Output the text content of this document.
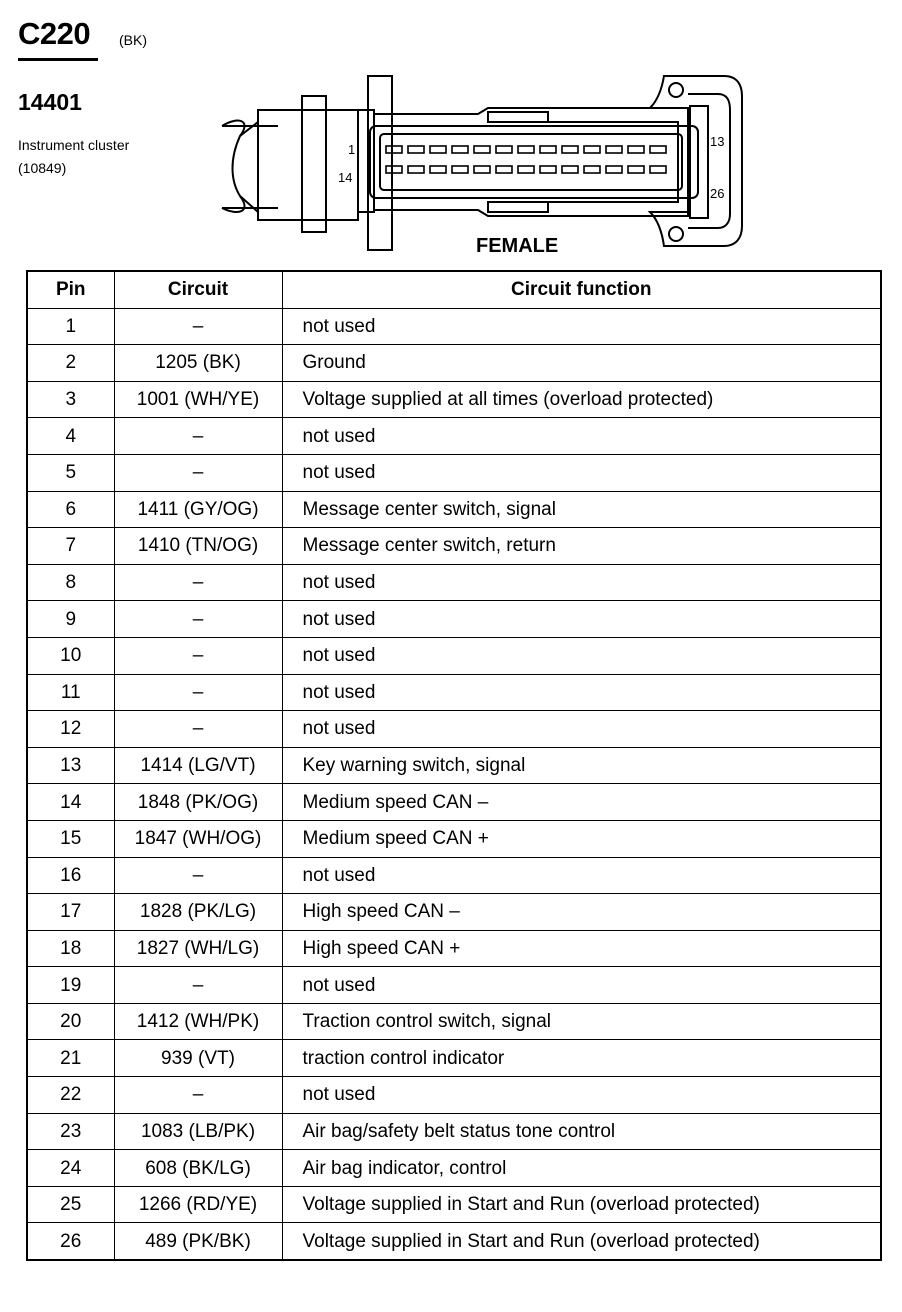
C220 (BK)
14401
Instrument cluster
(10849)
1
14
13
26
FEMALE
Pin	Circuit	Circuit function
1	–	not used
2	1205 (BK)	Ground
3	1001 (WH/YE)	Voltage supplied at all times (overload protected)
4	–	not used
5	–	not used
6	1411 (GY/OG)	Message center switch, signal
7	1410 (TN/OG)	Message center switch, return
8	–	not used
9	–	not used
10	–	not used
11	–	not used
12	–	not used
13	1414 (LG/VT)	Key warning switch, signal
14	1848 (PK/OG)	Medium speed CAN –
15	1847 (WH/OG)	Medium speed CAN +
16	–	not used
17	1828 (PK/LG)	High speed CAN –
18	1827 (WH/LG)	High speed CAN +
19	–	not used
20	1412 (WH/PK)	Traction control switch, signal
21	939 (VT)	traction control indicator
22	–	not used
23	1083 (LB/PK)	Air bag/safety belt status tone control
24	608 (BK/LG)	Air bag indicator, control
25	1266 (RD/YE)	Voltage supplied in Start and Run (overload protected)
26	489 (PK/BK)	Voltage supplied in Start and Run (overload protected)
